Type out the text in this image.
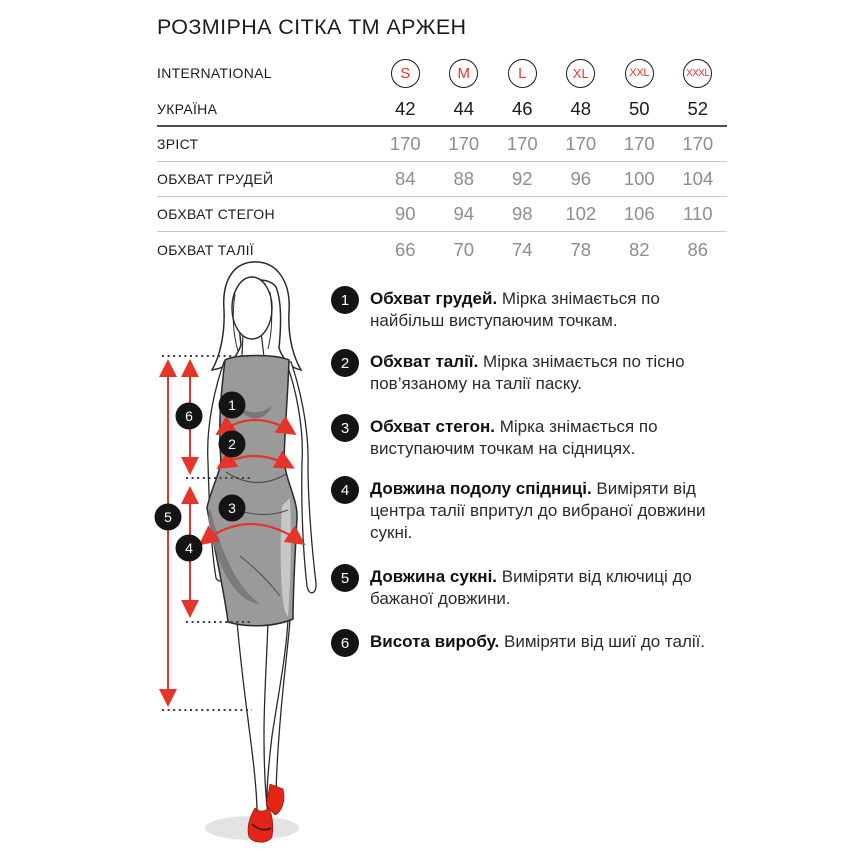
РОЗМІРНА СІТКА ТМ АРЖЕН
INTERNATIONAL	S	M	L	XL	XXL	XXXL
УКРАЇНА	42	44	46	48	50	52
ЗРІСТ	170	170	170	170	170	170
ОБХВАТ ГРУДЕЙ	84	88	92	96	100	104
ОБХВАТ СТЕГОН	90	94	98	102	106	110
ОБХВАТ ТАЛІЇ	66	70	74	78	82	86
1
2
3
6
5
4
1 Обхват грудей. Мірка знімається по найбільш виступаючим точкам.

2 Обхват талії. Мірка знімається по тісно пов’язаному на талії паску.

3 Обхват стегон. Мірка знімається по виступаючим точкам на сідницях.

4 Довжина подолу спідниці. Виміряти від центра талії впритул до вибраної довжини сукні.

5 Довжина сукні. Виміряти від ключиці до бажаної довжини.

6 Висота виробу. Виміряти від шиї до талії.
